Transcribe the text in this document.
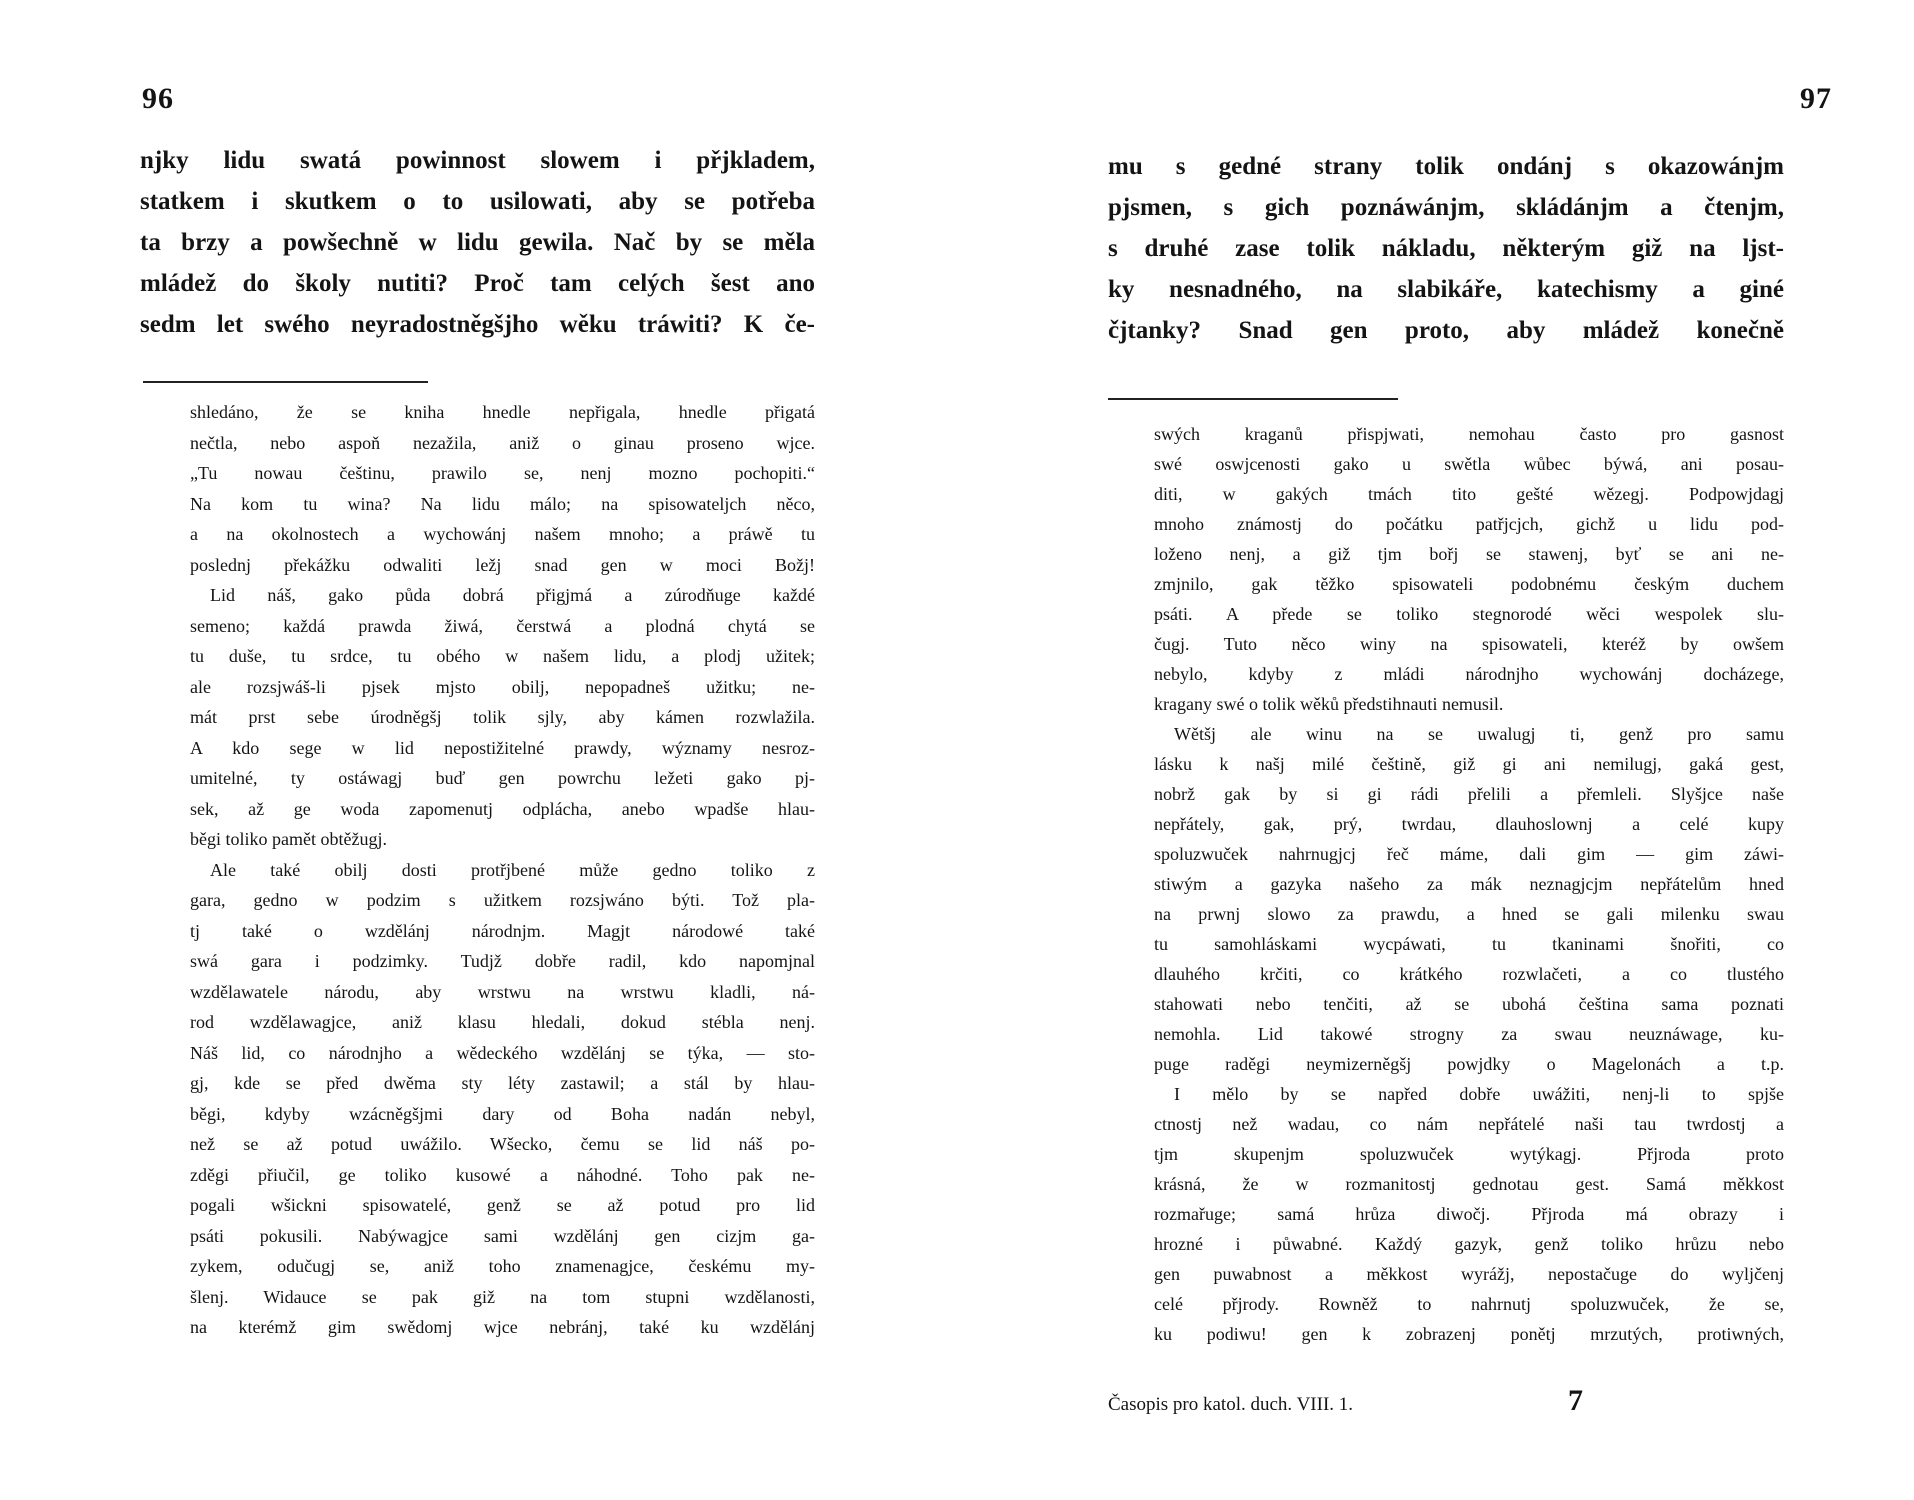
96
njky lidu swatá powinnost slowem i přjkladem,
statkem i skutkem o to usilowati, aby se potřeba
ta brzy a powšechně w lidu gewila. Nač by se měla
mládež do školy nutiti? Proč tam celých šest ano
sedm let swého neyradostněgšjho wěku tráwiti? K če-
shledáno, že se kniha hnedle nepřigala, hnedle přigatá
nečtla, nebo aspoň nezažila, aniž o ginau proseno wjce.
„Tu nowau češtinu, prawilo se, nenj mozno pochopiti.“
Na kom tu wina? Na lidu málo; na spisowateljch něco,
a na okolnostech a wychowánj našem mnoho; a práwě tu
poslednj překážku odwaliti ležj snad gen w moci Božj!
Lid náš, gako půda dobrá přigjmá a zúrodňuge každé
semeno; každá prawda žiwá, čerstwá a plodná chytá se
tu duše, tu srdce, tu obého w našem lidu, a plodj užitek;
ale rozsjwáš-li pjsek mjsto obilj, nepopadneš užitku; ne-
mát prst sebe úrodněgšj tolik sjly, aby kámen rozwlažila.
A kdo sege w lid nepostižitelné prawdy, wýznamy nesroz-
umitelné, ty ostáwagj buď gen powrchu ležeti gako pj-
sek, až ge woda zapomenutj odplácha, anebo wpadše hlau-
běgi toliko pamět obtěžugj.
Ale také obilj dosti protřjbené může gedno toliko z
gara, gedno w podzim s užitkem rozsjwáno býti. Tož pla-
tj také o wzdělánj národnjm. Magjt národowé také
swá gara i podzimky. Tudjž dobře radil, kdo napomjnal
wzdělawatele národu, aby wrstwu na wrstwu kladli, ná-
rod wzdělawagjce, aniž klasu hledali, dokud stébla nenj.
Náš lid, co národnjho a wědeckého wzdělánj se týka, — sto-
gj, kde se před dwěma sty léty zastawil; a stál by hlau-
běgi, kdyby wzácněgšjmi dary od Boha nadán nebyl,
než se až potud uwážilo. Wšecko, čemu se lid náš po-
zděgi přiučil, ge toliko kusowé a náhodné. Toho pak ne-
pogali wšickni spisowatelé, genž se až potud pro lid
psáti pokusili. Nabýwagjce sami wzdělánj gen cizjm ga-
zykem, odučugj se, aniž toho znamenagjce, českému my-
šlenj. Widauce se pak giž na tom stupni wzdělanosti,
na kterémž gim swědomj wjce nebránj, také ku wzdělánj
97
mu s gedné strany tolik ondánj s okazowánjm
pjsmen, s gich poznáwánjm, skládánjm a čtenjm,
s druhé zase tolik nákladu, některým giž na ljst-
ky nesnadného, na slabikáře, katechismy a giné
čjtanky? Snad gen proto, aby mládež konečně
swých kraganů přispjwati, nemohau často pro gasnost
swé oswjcenosti gako u swětla wůbec býwá, ani posau-
diti, w gakých tmách tito gešté wězegj. Podpowjdagj
mnoho známostj do počátku patřjcjch, gichž u lidu pod-
loženo nenj, a giž tjm bořj se stawenj, byť se ani ne-
zmjnilo, gak těžko spisowateli podobnému českým duchem
psáti. A přede se toliko stegnorodé wěci wespolek slu-
čugj. Tuto něco winy na spisowateli, kteréž by owšem
nebylo, kdyby z mládi národnjho wychowánj docházege,
kragany swé o tolik wěků předstihnauti nemusil.
Wětšj ale winu na se uwalugj ti, genž pro samu
lásku k našj milé češtině, giž gi ani nemilugj, gaká gest,
nobrž gak by si gi rádi přelili a přemleli. Slyšjce naše
nepřátely, gak, prý, twrdau, dlauhoslownj a celé kupy
spoluzwuček nahrnugjcj řeč máme, dali gim — gim záwi-
stiwým a gazyka našeho za mák neznagjcjm nepřátelům hned
na prwnj slowo za prawdu, a hned se gali milenku swau
tu samohláskami wycpáwati, tu tkaninami šnořiti, co
dlauhého krčiti, co krátkého rozwlačeti, a co tlustého
stahowati nebo tenčiti, až se ubohá čeština sama poznati
nemohla. Lid takowé strogny za swau neuznáwage, ku-
puge raděgi neymizerněgšj powjdky o Magelonách a t.p.
I mělo by se napřed dobře uwážiti, nenj-li to spjše
ctnostj než wadau, co nám nepřátelé naši tau twrdostj a
tjm skupenjm spoluzwuček wytýkagj. Přjroda proto
krásná, že w rozmanitostj gednotau gest. Samá měkkost
rozmařuge; samá hrůza diwočj. Přjroda má obrazy i
hrozné i půwabné. Každý gazyk, genž toliko hrůzu nebo
gen puwabnost a měkkost wyrážj, nepostačuge do wyljčenj
celé přjrody. Rowněž to nahrnutj spoluzwuček, že se,
ku podiwu! gen k zobrazenj ponětj mrzutých, protiwných,
Časopis pro katol. duch. VIII. 1.	7
